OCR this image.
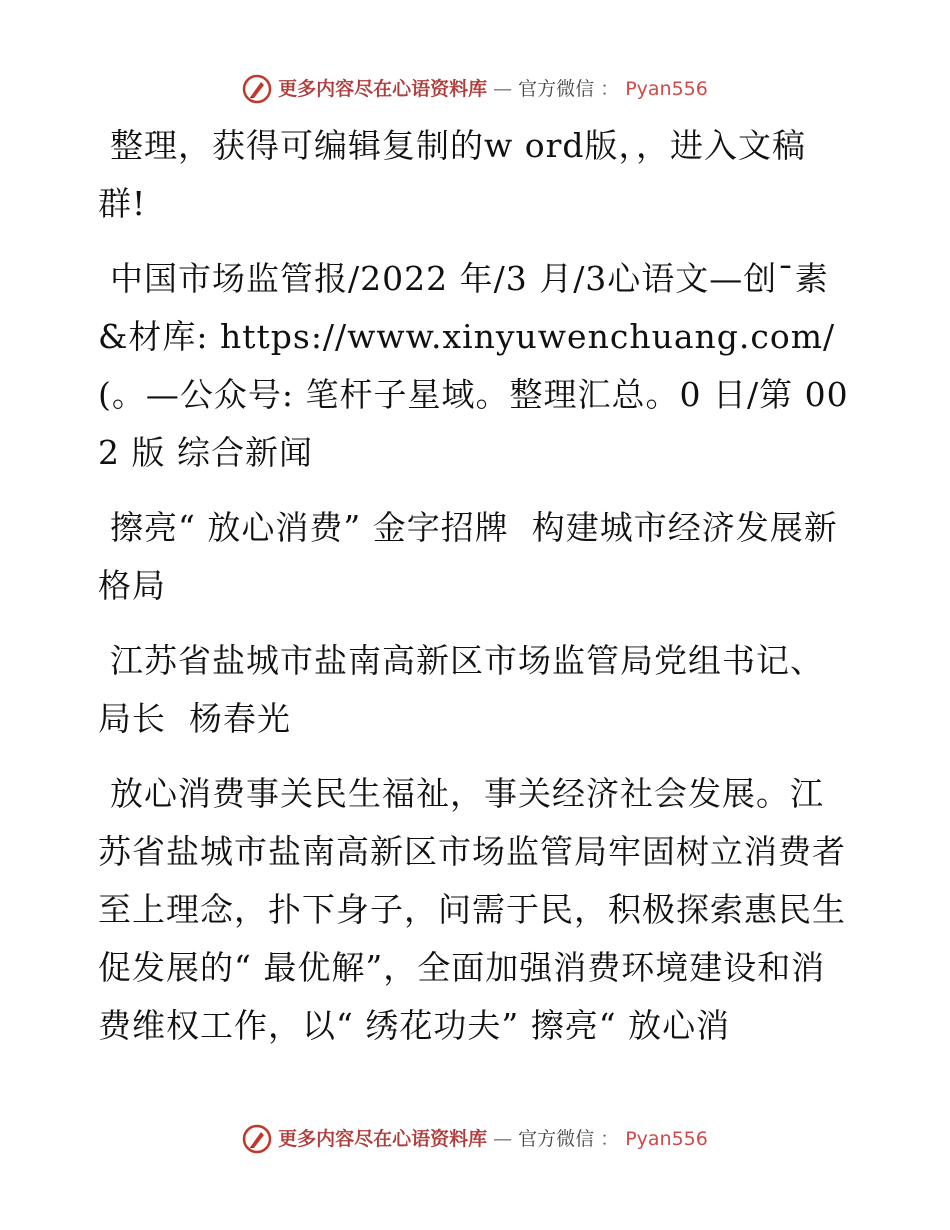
更多内容尽在心语资料库 — 官方微信 ： Pyan556

整理，获得可编辑复制的w ord版，，进入文稿群!

中国市场监管报/2022 年/3 月/3心语文—创¯素&材库: https://www.xinyuwenchuang.com/ (。—公众号: 笔杆子星域。整理汇总。0 日/第 002 版 综合新闻

擦亮“ 放心消费” 金字招牌  构建城市经济发展新格局

江苏省盐城市盐南高新区市场监管局党组书记、局长  杨春光

放心消费事关民生福祉，事关经济社会发展。江苏省盐城市盐南高新区市场监管局牢固树立消费者至上理念，扑下身子，问需于民，积极探索惠民生促发展的“ 最优解”，全面加强消费环境建设和消费维权工作，以“ 绣花功夫” 擦亮“ 放心消

更多内容尽在心语资料库 — 官方微信 ： Pyan556
